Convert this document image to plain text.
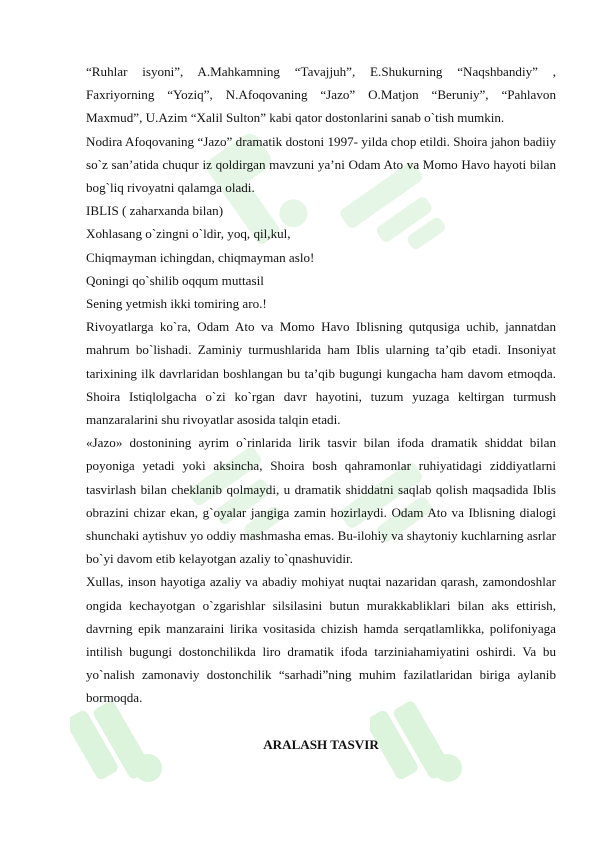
“Ruhlar isyoni”, A.Mahkamning “Tavajjuh”, E.Shukurning “Naqshbandiy” , Faxriyorning “Yoziq”, N.Afoqovaning “Jazo” O.Matjon “Beruniy”, “Pahlavon Maxmud”, U.Azim “Xalil Sulton” kabi qator dostonlarini sanab o`tish mumkin.

Nodira Afoqovaning “Jazo” dramatik dostoni 1997- yilda chop etildi. Shoira jahon badiiy so`z san’atida chuqur iz qoldirgan mavzuni ya’ni Odam Ato va Momo Havo hayoti bilan bog`liq rivoyatni qalamga oladi.

IBLIS ( zaharxanda bilan)

Xohlasang o`zingni o`ldir, yoq, qil,kul,

Chiqmayman ichingdan, chiqmayman aslo!

Qoningi qo`shilib oqqum muttasil

Sening yetmish ikki tomiring aro.!

Rivoyatlarga ko`ra, Odam Ato va Momo Havo Iblisning qutqusiga uchib, jannatdan mahrum bo`lishadi. Zaminiy turmushlarida ham Iblis ularning ta’qib etadi. Insoniyat tarixining ilk davrlaridan boshlangan bu ta’qib bugungi kungacha ham davom etmoqda. Shoira Istiqlolgacha o`zi ko`rgan davr hayotini, tuzum yuzaga keltirgan turmush manzaralarini shu rivoyatlar asosida talqin etadi.

«Jazo» dostonining ayrim o`rinlarida lirik tasvir bilan ifoda dramatik shiddat bilan poyoniga yetadi yoki aksincha, Shoira bosh qahramonlar ruhiyatidagi ziddiyatlarni tasvirlash bilan cheklanib qolmaydi, u dramatik shiddatni saqlab qolish maqsadida Iblis obrazini chizar ekan, g`oyalar jangiga zamin hozirlaydi. Odam Ato va Iblisning dialogi shunchaki aytishuv yo oddiy mashmasha emas. Bu-ilohiy va shaytoniy kuchlarning asrlar bo`yi davom etib kelayotgan azaliy to`qnashuvidir.

Xullas, inson hayotiga azaliy va abadiy mohiyat nuqtai nazaridan qarash, zamondoshlar ongida kechayotgan o`zgarishlar silsilasini butun murakkabliklari bilan aks ettirish, davrning epik manzaraini lirika vositasida chizish hamda serqatlamlikka, polifoniyaga intilish bugungi dostonchilikda liro dramatik ifoda tarziniahamiyatini oshirdi. Va bu yo`nalish zamonaviy dostonchilik “sarhadi”ning muhim fazilatlaridan biriga aylanib bormoqda.

ARALASH TASVIR
